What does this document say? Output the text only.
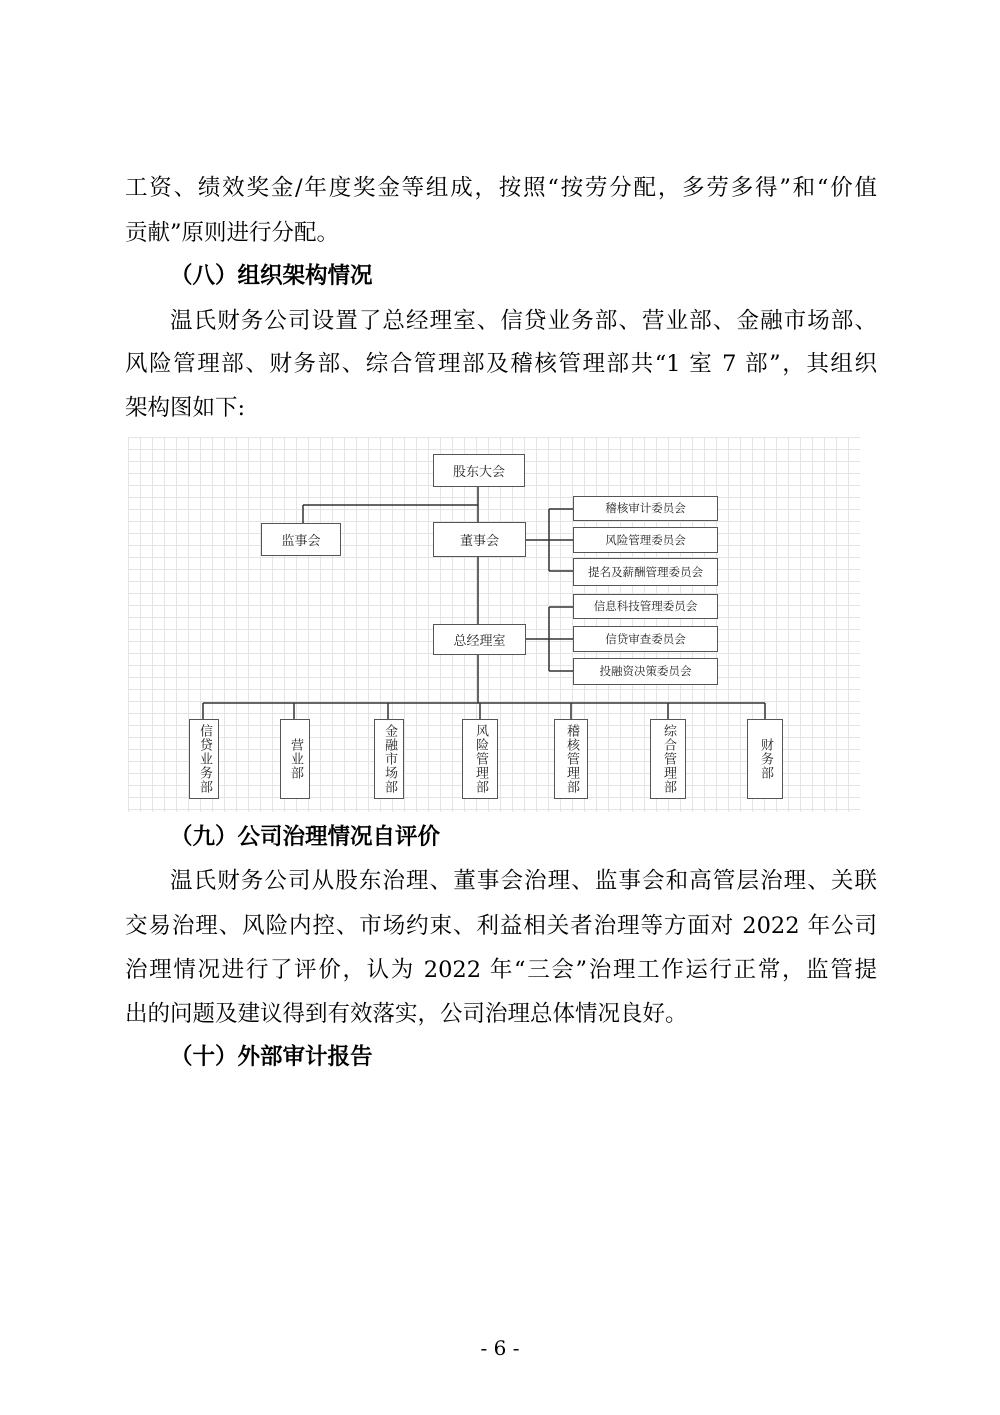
工资、绩效奖金/年度奖金等组成，按照“按劳分配，多劳多得”和“价值
贡献”原则进行分配。
（八）组织架构情况
温氏财务公司设置了总经理室、信贷业务部、营业部、金融市场部、
风险管理部、财务部、综合管理部及稽核管理部共“1 室 7 部”，其组织
架构图如下:
股东大会
监事会	董事会
稽核审计委员会
风险管理委员会
提名及薪酬管理委员会
总经理室
信息科技管理委员会
信贷审查委员会
投融资决策委员会
信贷业务部	营业部	金融市场部	风险管理部	稽核管理部	综合管理部	财务部
（九）公司治理情况自评价
温氏财务公司从股东治理、董事会治理、监事会和高管层治理、关联
交易治理、风险内控、市场约束、利益相关者治理等方面对 2022 年公司
治理情况进行了评价，认为 2022 年“三会”治理工作运行正常，监管提
出的问题及建议得到有效落实，公司治理总体情况良好。
（十）外部审计报告
- 6 -
